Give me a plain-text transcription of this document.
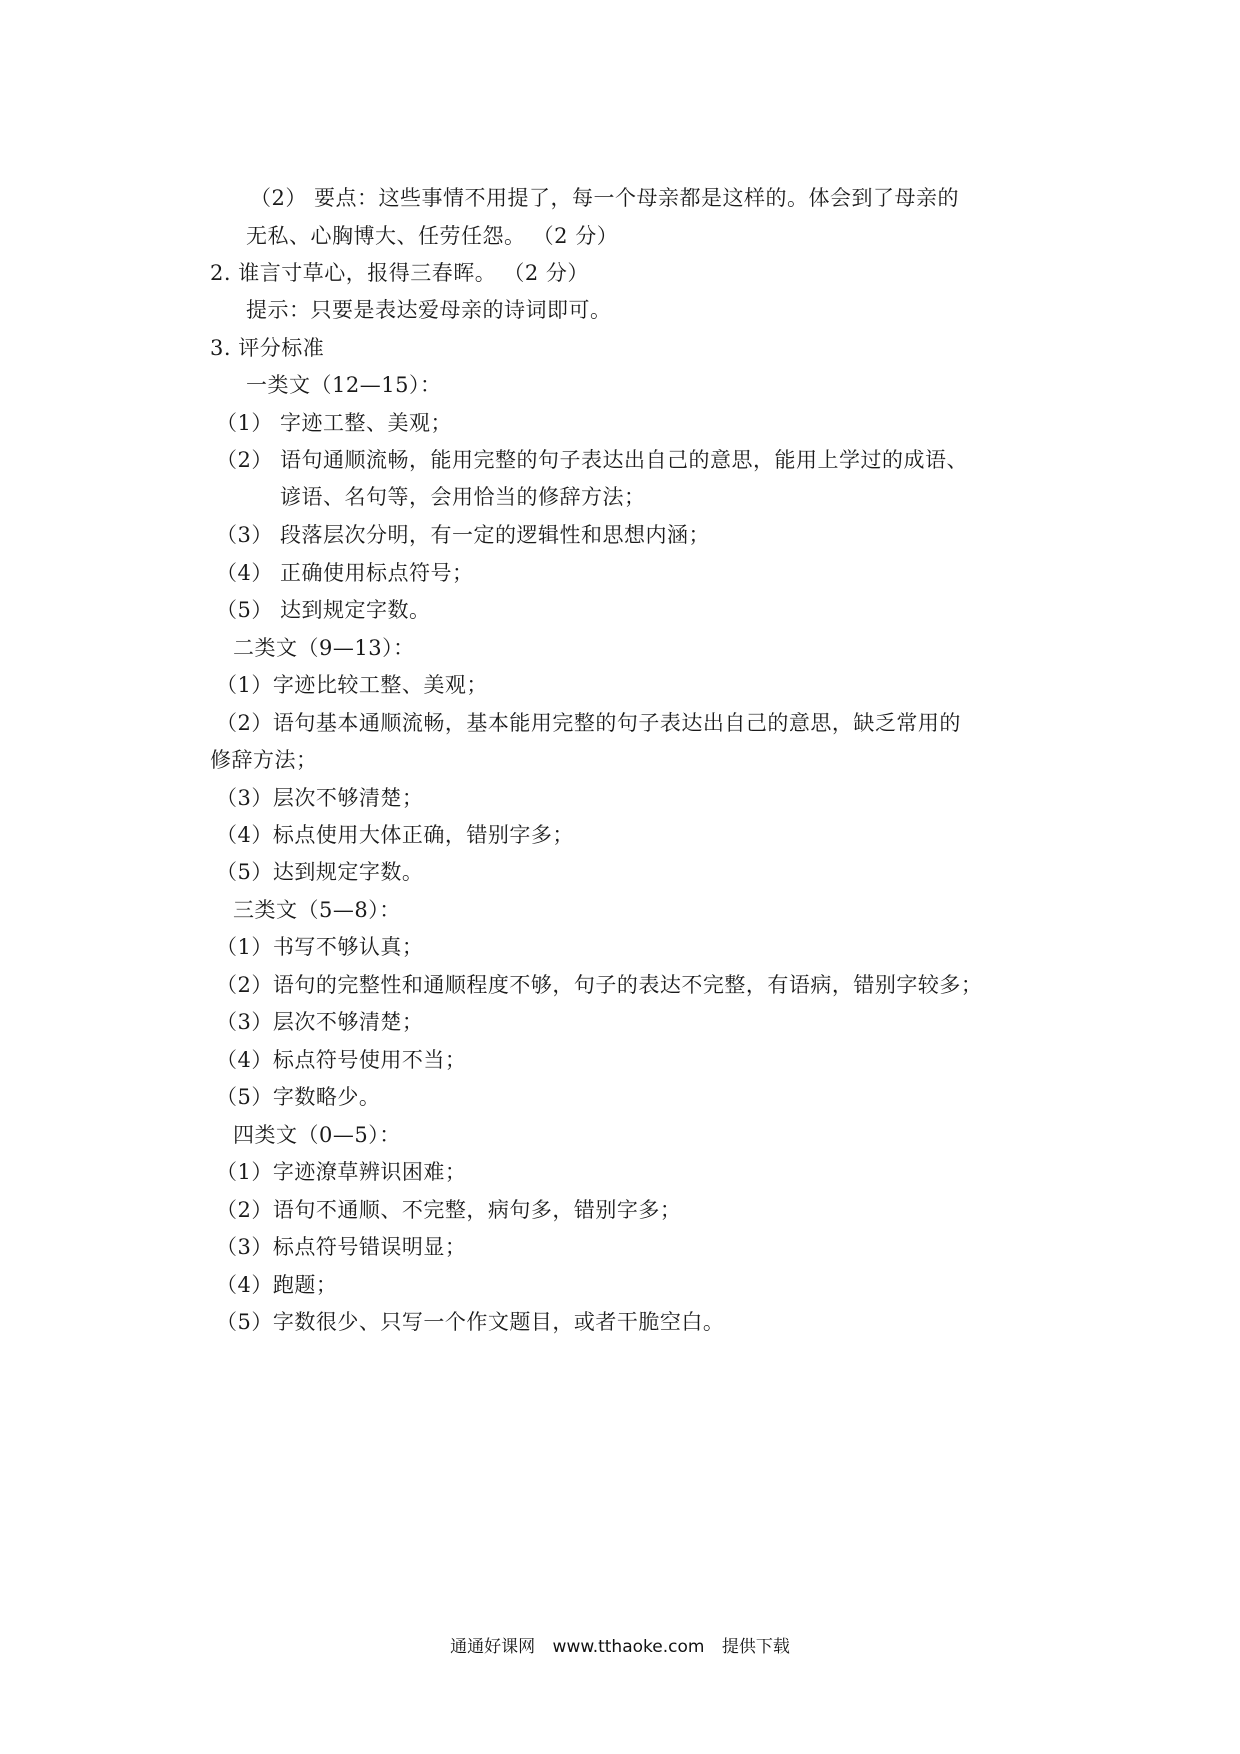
（2） 要点：这些事情不用提了，每一个母亲都是这样的。体会到了母亲的
无私、心胸博大、任劳任怨。 （2 分）
2. 谁言寸草心，报得三春晖。 （2 分）
提示：只要是表达爱母亲的诗词即可。
3. 评分标准
一类文（12—15）：
（1） 字迹工整、美观；
（2） 语句通顺流畅，能用完整的句子表达出自己的意思，能用上学过的成语、
谚语、名句等，会用恰当的修辞方法；
（3） 段落层次分明，有一定的逻辑性和思想内涵；
（4） 正确使用标点符号；
（5） 达到规定字数。
二类文（9—13）：
（1）字迹比较工整、美观；
（2）语句基本通顺流畅，基本能用完整的句子表达出自己的意思，缺乏常用的
修辞方法；
（3）层次不够清楚；
（4）标点使用大体正确，错别字多；
（5）达到规定字数。
三类文（5—8）：
（1）书写不够认真；
（2）语句的完整性和通顺程度不够，句子的表达不完整，有语病，错别字较多；
（3）层次不够清楚；
（4）标点符号使用不当；
（5）字数略少。
四类文（0—5）：
（1）字迹潦草辨识困难；
（2）语句不通顺、不完整，病句多，错别字多；
（3）标点符号错误明显；
（4）跑题；
（5）字数很少、只写一个作文题目，或者干脆空白。
通通好课网 www.tthaoke.com 提供下载
